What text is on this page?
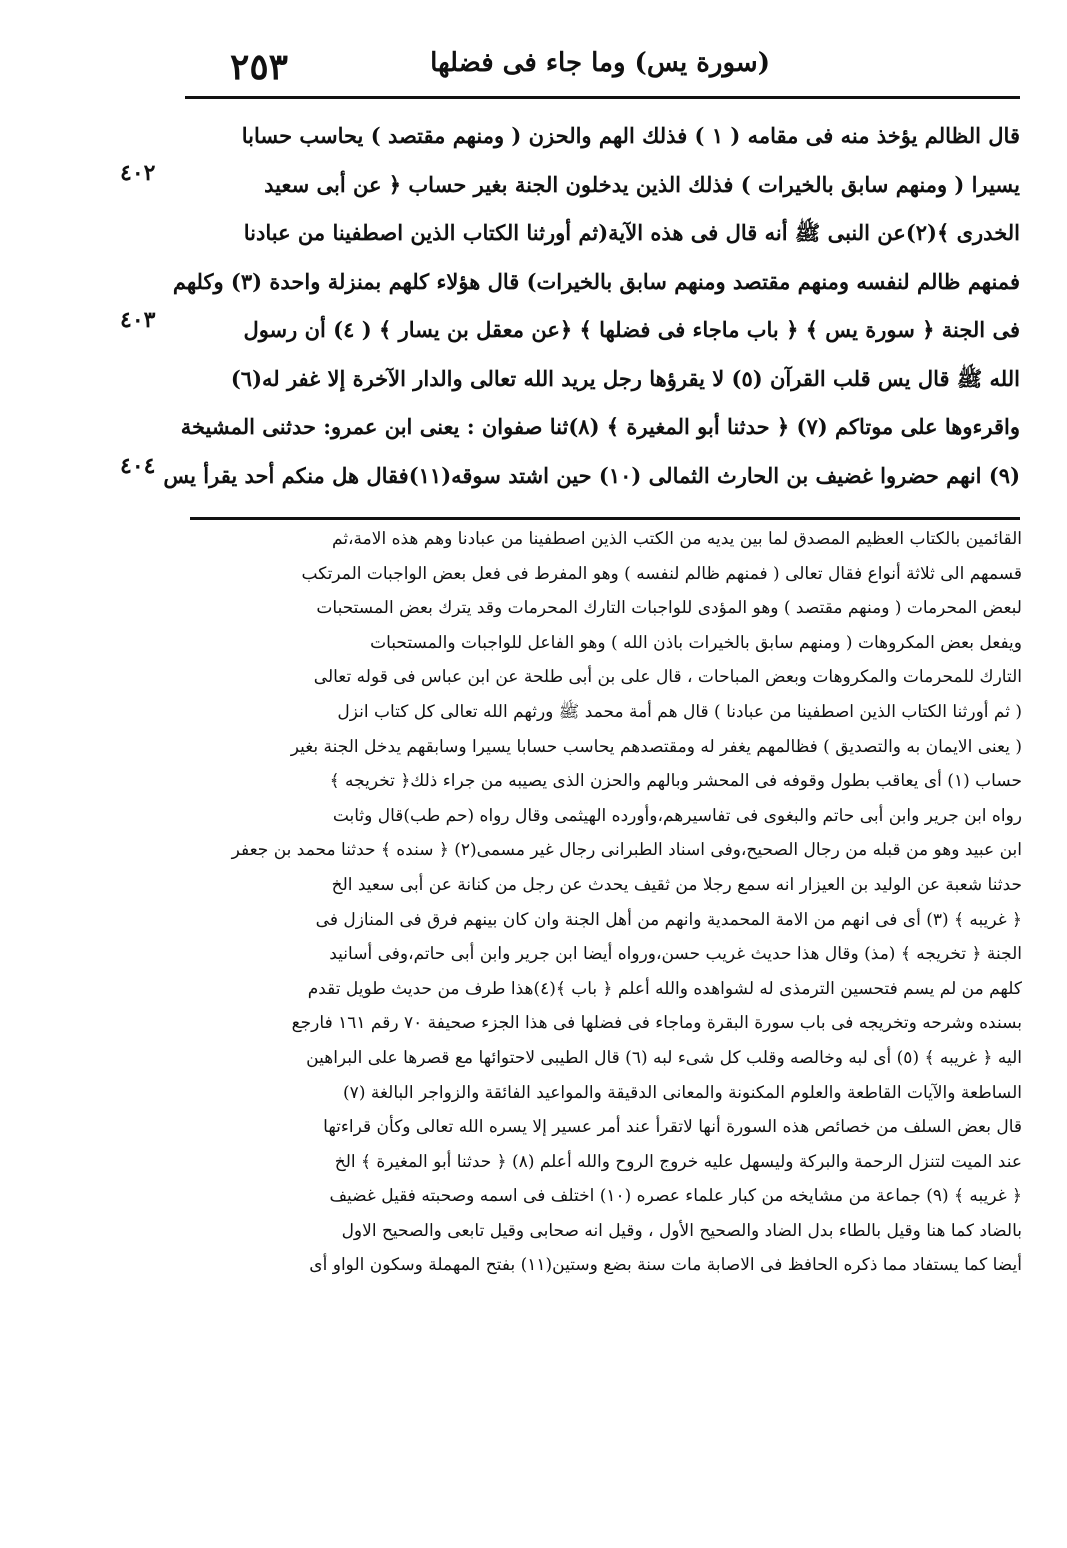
٢٥٣	(سورة يس) وما جاء فى فضلها
٤٠٢
٤٠٣
٤٠٤
قال الظالم يؤخذ منه فى مقامه ( ١ ) فذلك الهم والحزن ( ومنهم مقتصد ) يحاسب حسابا
يسيرا ( ومنهم سابق بالخيرات ) فذلك الذين يدخلون الجنة بغير حساب ﴿ عن أبى سعيد
الخدرى ﴾(٢)عن النبى ﷺ أنه قال فى هذه الآية(ثم أورثنا الكتاب الذين اصطفينا من عبادنا
فمنهم ظالم لنفسه ومنهم مقتصد ومنهم سابق بالخيرات) قال هؤلاء كلهم بمنزلة واحدة (٣) وكلهم
فى الجنة ﴿ سورة يس ﴾ ﴿ باب ماجاء فى فضلها ﴾ ﴿عن معقل بن يسار ﴾ ( ٤) أن رسول
الله ﷺ قال يس قلب القرآن (٥) لا يقرؤها رجل يريد الله تعالى والدار الآخرة إلا غفر له(٦)
واقرءوها على موتاكم (٧) ﴿ حدثنا أبو المغيرة ﴾ (٨)ثنا صفوان : يعنى ابن عمرو: حدثنى المشيخة
(٩) انهم حضروا غضيف بن الحارث الثمالى (١٠) حين اشتد سوقه(١١)فقال هل منكم أحد يقرأ يس
القائمين بالكتاب العظيم المصدق لما بين يديه من الكتب الذين اصطفينا من عبادنا وهم هذه الامة،ثم
قسمهم الى ثلاثة أنواع فقال تعالى ( فمنهم ظالم لنفسه ) وهو المفرط فى فعل بعض الواجبات المرتكب
لبعض المحرمات ( ومنهم مقتصد ) وهو المؤدى للواجبات التارك المحرمات وقد يترك بعض المستحبات
ويفعل بعض المكروهات ( ومنهم سابق بالخيرات باذن الله ) وهو الفاعل للواجبات والمستحبات
التارك للمحرمات والمكروهات وبعض المباحات ، قال على بن أبى طلحة عن ابن عباس فى قوله تعالى
( ثم أورثنا الكتاب الذين اصطفينا من عبادنا ) قال هم أمة محمد ﷺ ورثهم الله تعالى كل كتاب انزل
( يعنى الايمان به والتصديق ) فظالمهم يغفر له ومقتصدهم يحاسب حسابا يسيرا وسابقهم يدخل الجنة بغير
حساب (١) أى يعاقب بطول وقوفه فى المحشر وبالهم والحزن الذى يصيبه من جراء ذلك﴿ تخريجه ﴾
رواه ابن جرير وابن أبى حاتم والبغوى فى تفاسيرهم،وأورده الهيثمى وقال رواه (حم طب)قال وثابت
ابن عبيد وهو من قبله من رجال الصحيح،وفى اسناد الطبرانى رجال غير مسمى(٢) ﴿ سنده ﴾ حدثنا محمد بن جعفر
حدثنا شعبة عن الوليد بن العيزار انه سمع رجلا من ثقيف يحدث عن رجل من كنانة عن أبى سعيد الخ
﴿ غريبه ﴾ (٣) أى فى انهم من الامة المحمدية وانهم من أهل الجنة وان كان بينهم فرق فى المنازل فى
الجنة ﴿ تخريجه ﴾ (مذ) وقال هذا حديث غريب حسن،ورواه أيضا ابن جرير وابن أبى حاتم،وفى أسانيد
كلهم من لم يسم فتحسين الترمذى له لشواهده والله أعلم ﴿ باب ﴾(٤)هذا طرف من حديث طويل تقدم
بسنده وشرحه وتخريجه فى باب سورة البقرة وماجاء فى فضلها فى هذا الجزء صحيفة ٧٠ رقم ١٦١ فارجع
اليه ﴿ غريبه ﴾ (٥) أى لبه وخالصه وقلب كل شىء لبه (٦) قال الطيبى لاحتوائها مع قصرها على البراهين
الساطعة والآيات القاطعة والعلوم المكنونة والمعانى الدقيقة والمواعيد الفائقة والزواجر البالغة (٧)
قال بعض السلف من خصائص هذه السورة أنها لاتقرأ عند أمر عسير إلا يسره الله تعالى وكأن قراءتها
عند الميت لتنزل الرحمة والبركة وليسهل عليه خروج الروح والله أعلم (٨) ﴿ حدثنا أبو المغيرة ﴾ الخ
﴿ غريبه ﴾ (٩) جماعة من مشايخه من كبار علماء عصره (١٠) اختلف فى اسمه وصحبته فقيل غضيف
بالضاد كما هنا وقيل بالطاء بدل الضاد والصحيح الأول ، وقيل انه صحابى وقيل تابعى والصحيح الاول
أيضا كما يستفاد مما ذكره الحافظ فى الاصابة مات سنة بضع وستين(١١) بفتح المهملة وسكون الواو أى
